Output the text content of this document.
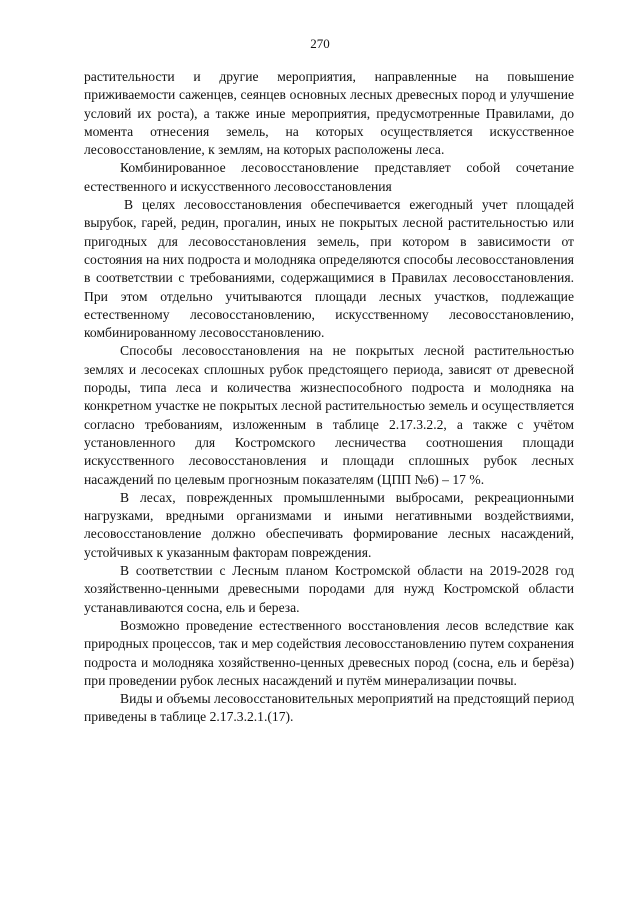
270

растительности и другие мероприятия, направленные на повышение приживаемости саженцев, сеянцев основных лесных древесных пород и улучшение условий их роста), а также иные мероприятия, предусмотренные Правилами, до момента отнесения земель, на которых осуществляется искусственное лесовосстановление, к землям, на которых расположены леса.

Комбинированное лесовосстановление представляет собой сочетание естественного и искусственного лесовосстановления

В целях лесовосстановления обеспечивается ежегодный учет площадей вырубок, гарей, редин, прогалин, иных не покрытых лесной растительностью или пригодных для лесовосстановления земель, при котором в зависимости от состояния на них подроста и молодняка определяются способы лесовосстановления в соответствии с требованиями, содержащимися в Правилах лесовосстановления. При этом отдельно учитываются площади лесных участков, подлежащие естественному лесовосстановлению, искусственному лесовосстановлению, комбинированному лесовосстановлению.

Способы лесовосстановления на не покрытых лесной растительностью землях и лесосеках сплошных рубок предстоящего периода, зависят от древесной породы, типа леса и количества жизнеспособного подроста и молодняка на конкретном участке не покрытых лесной растительностью земель и осуществляется согласно требованиям, изложенным в таблице 2.17.3.2.2, а также с учётом установленного для Костромского лесничества соотношения площади искусственного лесовосстановления и площади сплошных рубок лесных насаждений по целевым прогнозным показателям (ЦПП №6) – 17 %.

В лесах, поврежденных промышленными выбросами, рекреационными нагрузками, вредными организмами и иными негативными воздействиями, лесовосстановление должно обеспечивать формирование лесных насаждений, устойчивых к указанным факторам повреждения.

В соответствии с Лесным планом Костромской области на 2019-2028 год хозяйственно-ценными древесными породами для нужд Костромской области устанавливаются сосна, ель и береза.

Возможно проведение естественного восстановления лесов вследствие как природных процессов, так и мер содействия лесовосстановлению путем сохранения подроста и молодняка хозяйственно-ценных древесных пород (сосна, ель и берёза) при проведении рубок лесных насаждений и путём минерализации почвы.

Виды и объемы лесовосстановительных мероприятий на предстоящий период приведены в таблице 2.17.3.2.1.(17).
